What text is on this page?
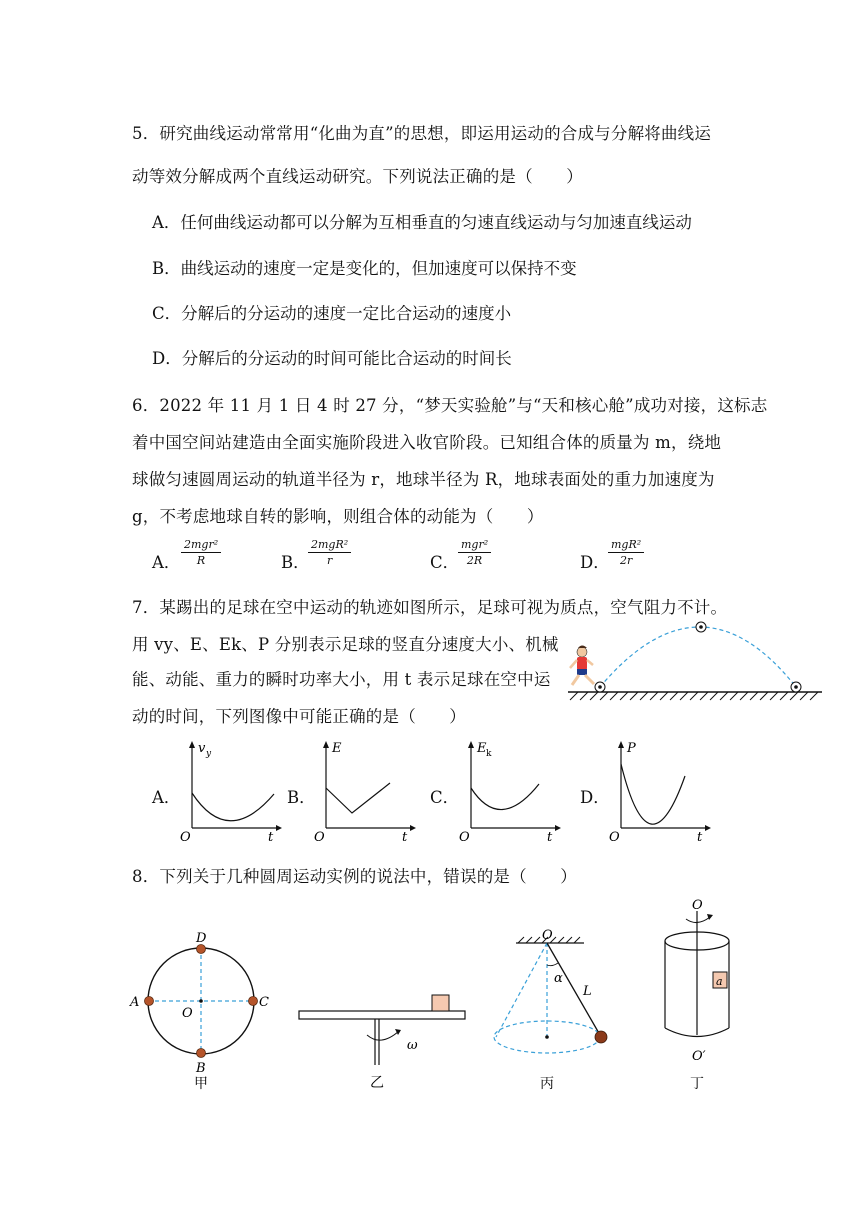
5．研究曲线运动常常用“化曲为直”的思想，即运用运动的合成与分解将曲线运
动等效分解成两个直线运动研究。下列说法正确的是（　　）
A．任何曲线运动都可以分解为互相垂直的匀速直线运动与匀加速直线运动
B．曲线运动的速度一定是变化的，但加速度可以保持不变
C．分解后的分运动的速度一定比合运动的速度小
D．分解后的分运动的时间可能比合运动的时间长
6．2022 年 11 月 1 日 4 时 27 分，“梦天实验舱”与“天和核心舱”成功对接，这标志
着中国空间站建造由全面实施阶段进入收官阶段。已知组合体的质量为 m，绕地
球做匀速圆周运动的轨道半径为 r，地球半径为 R，地球表面处的重力加速度为
g，不考虑地球自转的影响，则组合体的动能为（　　）
A．
2mgr²
R	B．
2mgR²
r	C．
mgr²
2R	D．
mgR²
2r
7．某踢出的足球在空中运动的轨迹如图所示，足球可视为质点，空气阻力不计。
用 vy、E、Ek、P 分别表示足球的竖直分速度大小、机械
能、动能、重力的瞬时功率大小，用 t 表示足球在空中运
动的时间，下列图像中可能正确的是（　　）
A．
v y
O	t
B．
E
O	t
C．
E k
O	t
D．
P
O	t
8．下列关于几种圆周运动实例的说法中，错误的是（　　）
D
A	C
O
B
甲
ω
乙
O
α
L
丙
a
O
O′
丁
